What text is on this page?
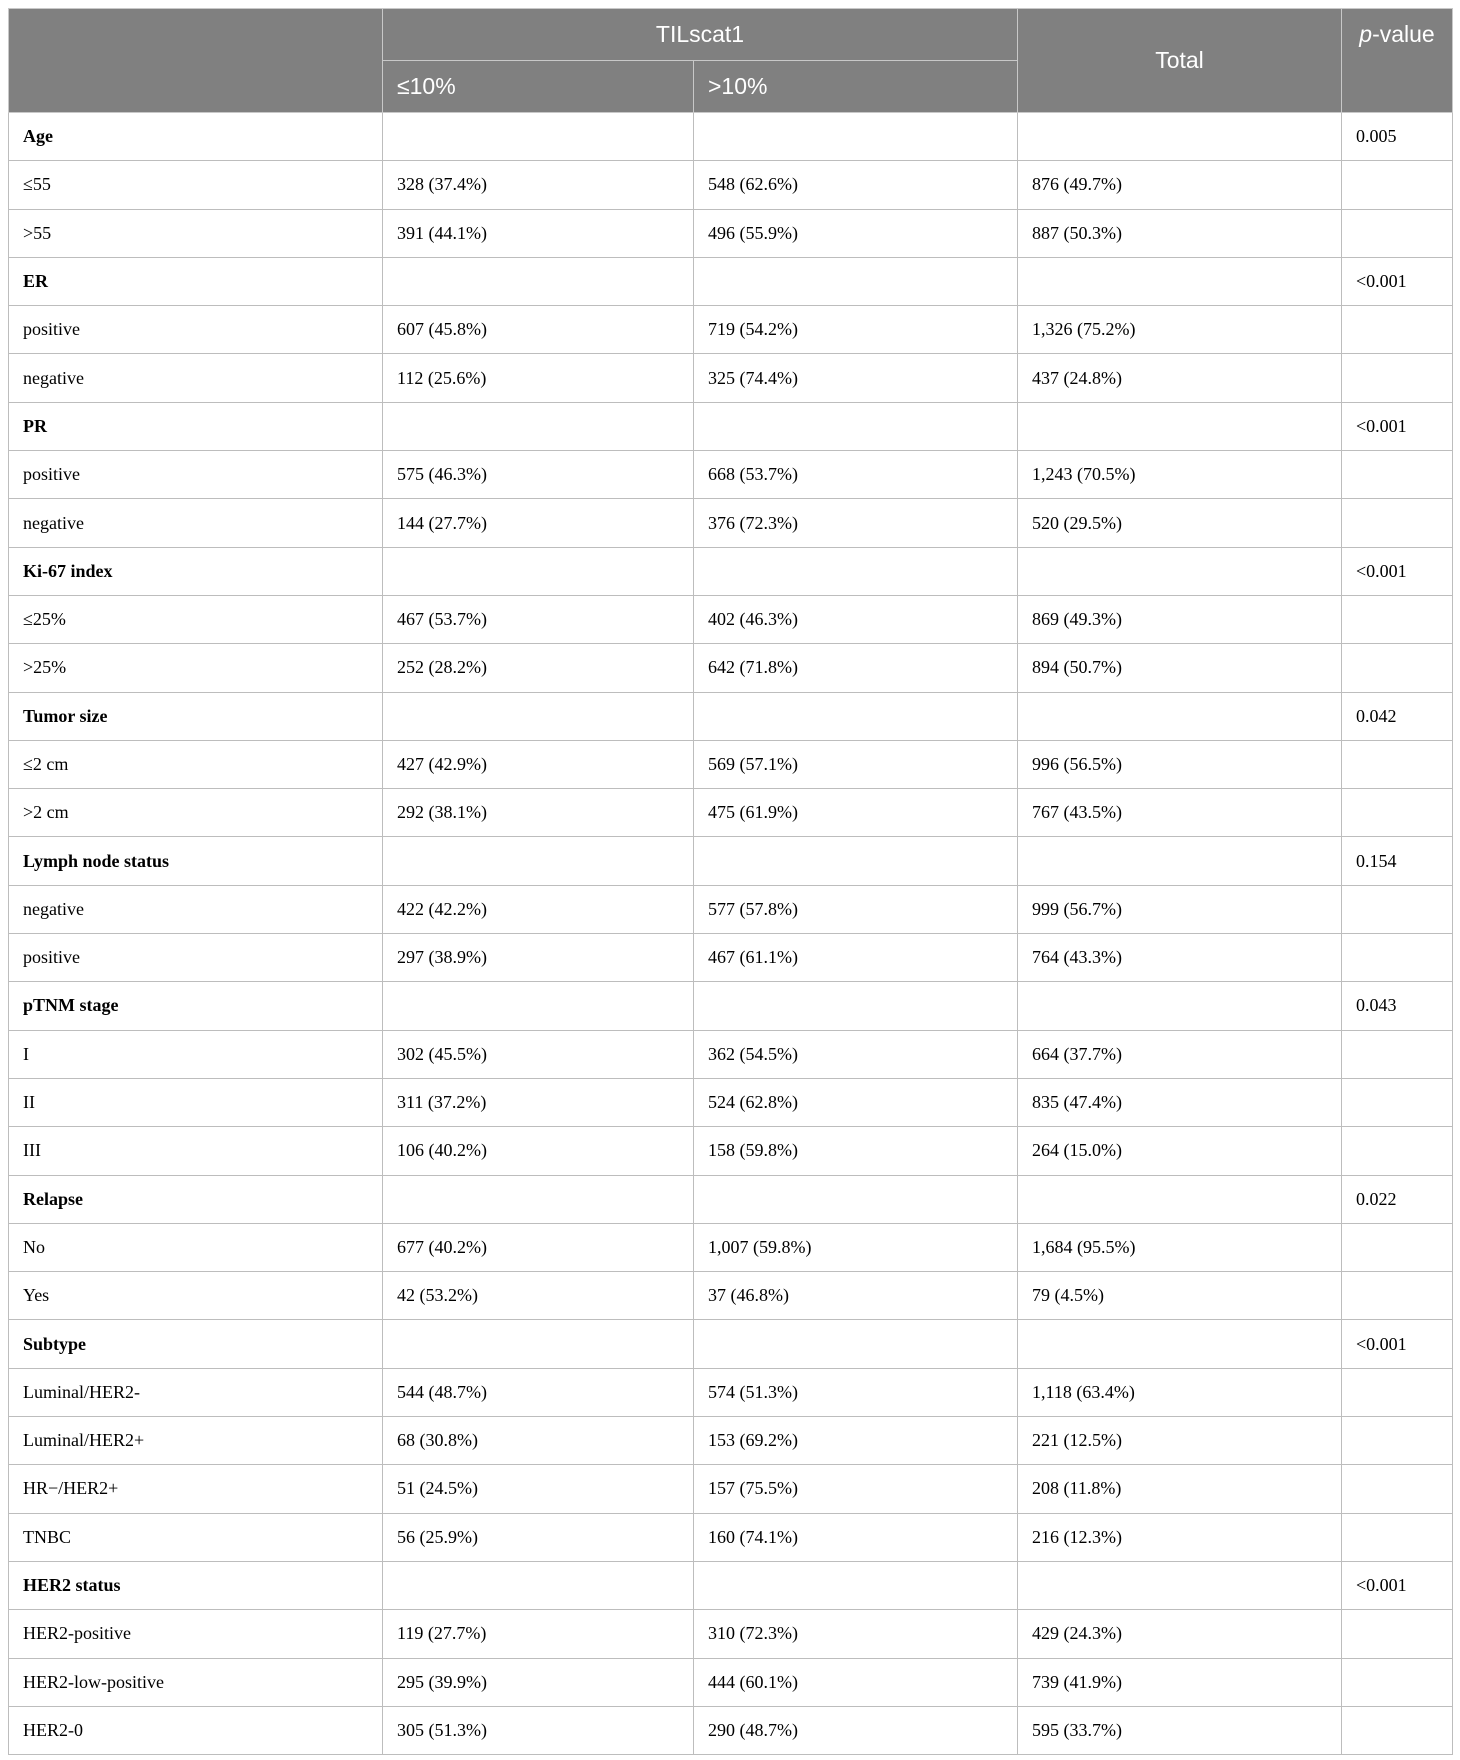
	TILscat1		Total	p-value
	≤10%	>10%		
Age				0.005
≤55	328 (37.4%)	548 (62.6%)	876 (49.7%)	
>55	391 (44.1%)	496 (55.9%)	887 (50.3%)	
ER				<0.001
positive	607 (45.8%)	719 (54.2%)	1,326 (75.2%)	
negative	112 (25.6%)	325 (74.4%)	437 (24.8%)	
PR				<0.001
positive	575 (46.3%)	668 (53.7%)	1,243 (70.5%)	
negative	144 (27.7%)	376 (72.3%)	520 (29.5%)	
Ki-67 index				<0.001
≤25%	467 (53.7%)	402 (46.3%)	869 (49.3%)	
>25%	252 (28.2%)	642 (71.8%)	894 (50.7%)	
Tumor size				0.042
≤2 cm	427 (42.9%)	569 (57.1%)	996 (56.5%)	
>2 cm	292 (38.1%)	475 (61.9%)	767 (43.5%)	
Lymph node status				0.154
negative	422 (42.2%)	577 (57.8%)	999 (56.7%)	
positive	297 (38.9%)	467 (61.1%)	764 (43.3%)	
pTNM stage				0.043
I	302 (45.5%)	362 (54.5%)	664 (37.7%)	
II	311 (37.2%)	524 (62.8%)	835 (47.4%)	
III	106 (40.2%)	158 (59.8%)	264 (15.0%)	
Relapse				0.022
No	677 (40.2%)	1,007 (59.8%)	1,684 (95.5%)	
Yes	42 (53.2%)	37 (46.8%)	79 (4.5%)	
Subtype				<0.001
Luminal/HER2-	544 (48.7%)	574 (51.3%)	1,118 (63.4%)	
Luminal/HER2+	68 (30.8%)	153 (69.2%)	221 (12.5%)	
HR−/HER2+	51 (24.5%)	157 (75.5%)	208 (11.8%)	
TNBC	56 (25.9%)	160 (74.1%)	216 (12.3%)	
HER2 status				<0.001
HER2-positive	119 (27.7%)	310 (72.3%)	429 (24.3%)	
HER2-low-positive	295 (39.9%)	444 (60.1%)	739 (41.9%)	
HER2-0	305 (51.3%)	290 (48.7%)	595 (33.7%)	
